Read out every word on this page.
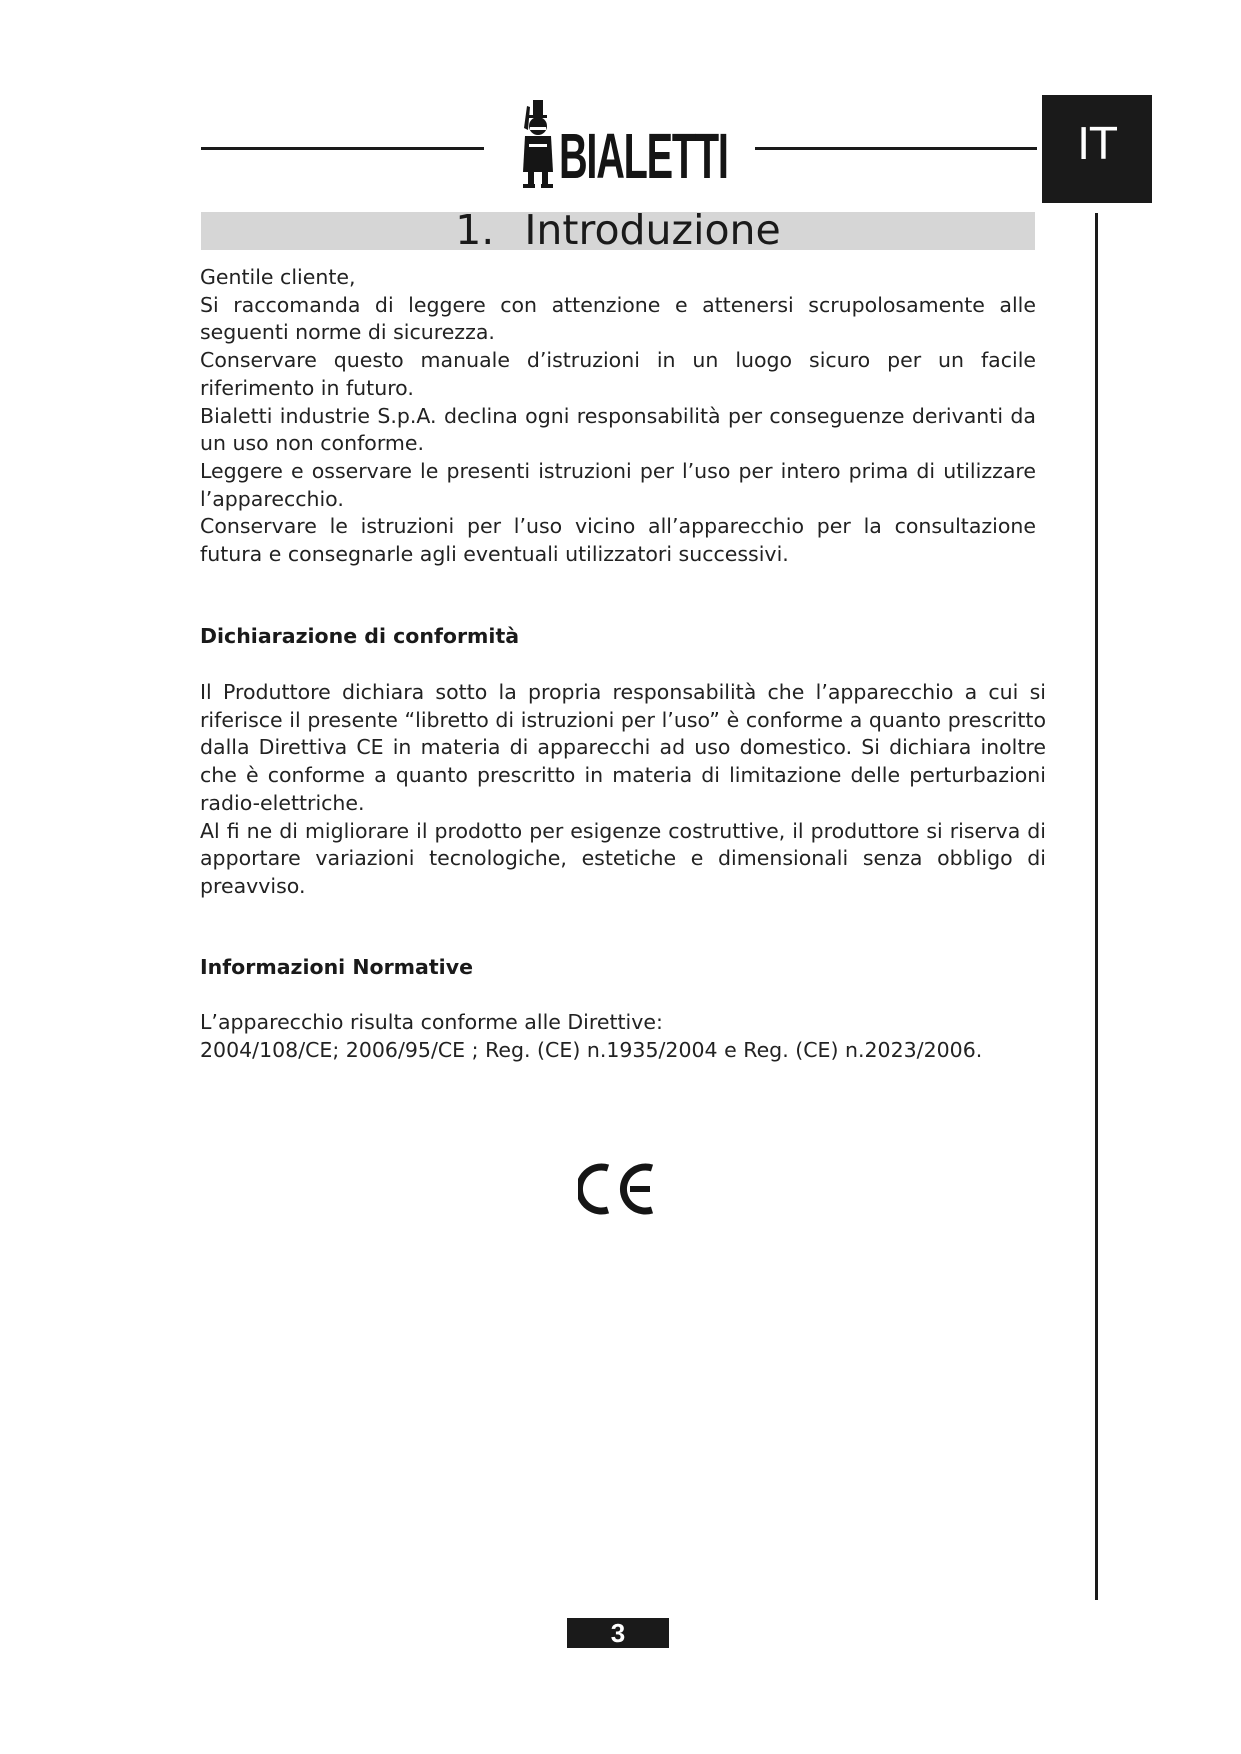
BIALETTI	IT
1. Introduzione

Gentile cliente,

Si raccomanda di leggere con attenzione e attenersi scrupolosamente alle seguenti norme di sicurezza.

Conservare questo manuale d’istruzioni in un luogo sicuro per un facile riferimento in futuro.

Bialetti industrie S.p.A. declina ogni responsabilità per conseguenze derivanti da un uso non conforme.

Leggere e osservare le presenti istruzioni per l’uso per intero prima di utilizzare l’apparecchio.

Conservare le istruzioni per l’uso vicino all’apparecchio per la consultazione futura e consegnarle agli eventuali utilizzatori successivi.

Dichiarazione di conformità

Il Produttore dichiara sotto la propria responsabilità che l’apparecchio a cui si riferisce il presente “libretto di istruzioni per l’uso” è conforme a quanto prescritto dalla Direttiva CE in materia di apparecchi ad uso domestico. Si dichiara inoltre che è conforme a quanto prescritto in materia di limitazione delle perturbazioni radio-elettriche.

Al fi ne di migliorare il prodotto per esigenze costruttive, il produttore si riserva di apportare variazioni tecnologiche, estetiche e dimensionali senza obbligo di preavviso.

Informazioni Normative

L’apparecchio risulta conforme alle Direttive:

2004/108/CE; 2006/95/CE ; Reg. (CE) n.1935/2004 e Reg. (CE) n.2023/2006.

3
